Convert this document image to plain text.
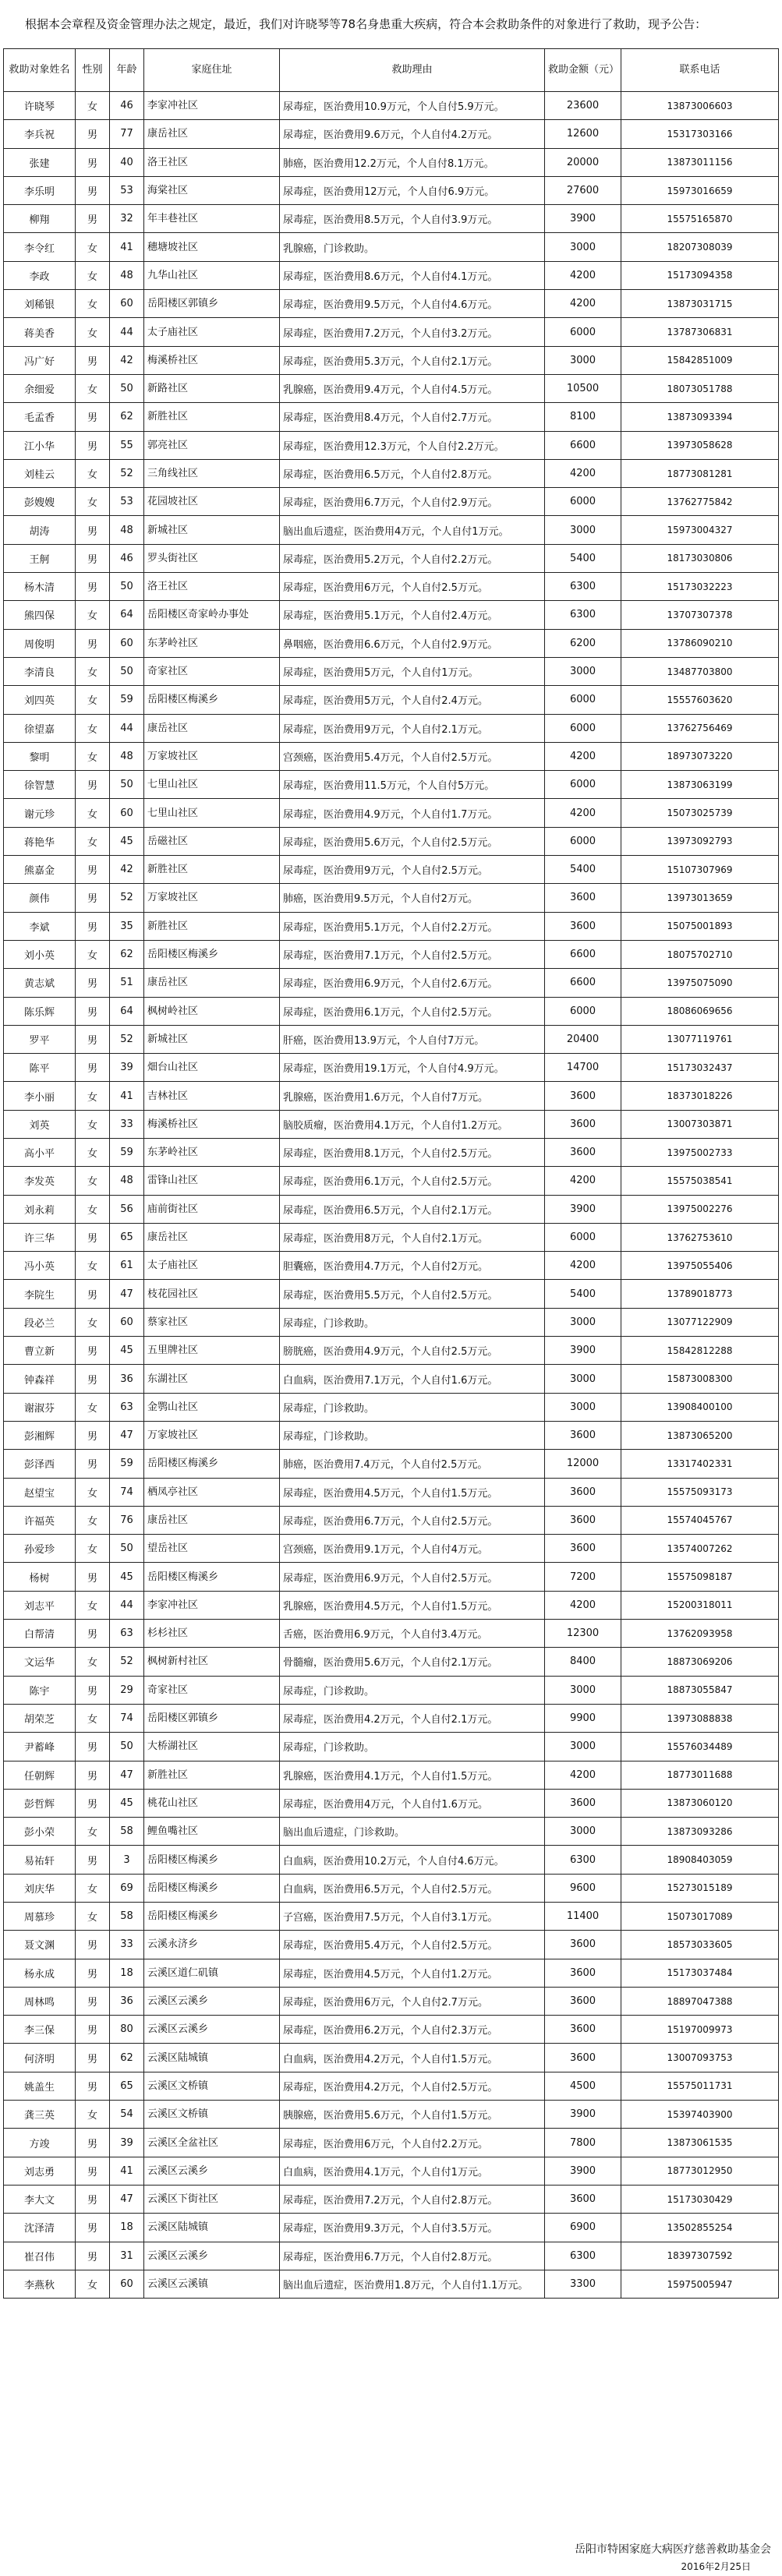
根据本会章程及资金管理办法之规定，最近，我们对许晓琴等78名身患重大疾病，符合本会救助条件的对象进行了救助，现予公告：

救助对象姓名	性别	年龄	家庭住址	救助理由	救助金额（元）	联系电话
许晓琴	女	46	李家冲社区	尿毒症，医治费用10.9万元，个人自付5.9万元。	23600	13873006603
李兵祝	男	77	康岳社区	尿毒症，医治费用9.6万元，个人自付4.2万元。	12600	15317303166
张建	男	40	洛王社区	肺癌，医治费用12.2万元，个人自付8.1万元。	20000	13873011156
李乐明	男	53	海棠社区	尿毒症，医治费用12万元，个人自付6.9万元。	27600	15973016659
柳翔	男	32	年丰巷社区	尿毒症，医治费用8.5万元，个人自付3.9万元。	3900	15575165870
李令红	女	41	穗塘坡社区	乳腺癌，门诊救助。	3000	18207308039
李政	女	48	九华山社区	尿毒症，医治费用8.6万元，个人自付4.1万元。	4200	15173094358
刘稀银	女	60	岳阳楼区郭镇乡	尿毒症，医治费用9.5万元，个人自付4.6万元。	4200	13873031715
蒋美香	女	44	太子庙社区	尿毒症，医治费用7.2万元，个人自付3.2万元。	6000	13787306831
冯广好	男	42	梅溪桥社区	尿毒症，医治费用5.3万元，个人自付2.1万元。	3000	15842851009
余细爱	女	50	新路社区	乳腺癌，医治费用9.4万元，个人自付4.5万元。	10500	18073051788
毛孟香	男	62	新胜社区	尿毒症，医治费用8.4万元，个人自付2.7万元。	8100	13873093394
江小华	男	55	郭亮社区	尿毒症，医治费用12.3万元，个人自付2.2万元。	6600	13973058628
刘桂云	女	52	三角线社区	尿毒症，医治费用6.5万元，个人自付2.8万元。	4200	18773081281
彭嫂嫂	女	53	花园坡社区	尿毒症，医治费用6.7万元，个人自付2.9万元。	6000	13762775842
胡涛	男	48	新城社区	脑出血后遗症，医治费用4万元，个人自付1万元。	3000	15973004327
王舸	男	46	罗头街社区	尿毒症，医治费用5.2万元，个人自付2.2万元。	5400	18173030806
杨木清	男	50	洛王社区	尿毒症，医治费用6万元，个人自付2.5万元。	6300	15173032223
熊四保	女	64	岳阳楼区奇家岭办事处	尿毒症，医治费用5.1万元，个人自付2.4万元。	6300	13707307378
周俊明	男	60	东茅岭社区	鼻咽癌，医治费用6.6万元，个人自付2.9万元。	6200	13786090210
李清良	女	50	奇家社区	尿毒症，医治费用5万元，个人自付1万元。	3000	13487703800
刘四英	女	59	岳阳楼区梅溪乡	尿毒症，医治费用5万元，个人自付2.4万元。	6000	15557603620
徐望嘉	女	44	康岳社区	尿毒症，医治费用9万元，个人自付2.1万元。	6000	13762756469
黎明	女	48	万家坡社区	宫颈癌，医治费用5.4万元，个人自付2.5万元。	4200	18973073220
徐智慧	男	50	七里山社区	尿毒症，医治费用11.5万元，个人自付5万元。	6000	13873063199
谢元珍	女	60	七里山社区	尿毒症，医治费用4.9万元，个人自付1.7万元。	4200	15073025739
蒋艳华	女	45	岳磁社区	尿毒症，医治费用5.6万元，个人自付2.5万元。	6000	13973092793
熊嘉金	男	42	新胜社区	尿毒症，医治费用9万元，个人自付2.5万元。	5400	15107307969
颜伟	男	52	万家坡社区	肺癌，医治费用9.5万元，个人自付2万元。	3600	13973013659
李斌	男	35	新胜社区	尿毒症，医治费用5.1万元，个人自付2.2万元。	3600	15075001893
刘小英	女	62	岳阳楼区梅溪乡	尿毒症，医治费用7.1万元，个人自付2.5万元。	6600	18075702710
黄志斌	男	51	康岳社区	尿毒症，医治费用6.9万元，个人自付2.6万元。	6600	13975075090
陈乐辉	男	64	枫树岭社区	尿毒症，医治费用6.1万元，个人自付2.5万元。	6000	18086069656
罗平	男	52	新城社区	肝癌，医治费用13.9万元，个人自付7万元。	20400	13077119761
陈平	男	39	畑台山社区	尿毒症，医治费用19.1万元，个人自付4.9万元。	14700	15173032437
李小丽	女	41	吉林社区	乳腺癌，医治费用1.6万元，个人自付7万元。	3600	18373018226
刘英	女	33	梅溪桥社区	脑胶质瘤，医治费用4.1万元，个人自付1.2万元。	3600	13007303871
高小平	女	59	东茅岭社区	尿毒症，医治费用8.1万元，个人自付2.5万元。	3600	13975002733
李发英	女	48	雷锋山社区	尿毒症，医治费用6.1万元，个人自付2.5万元。	4200	15575038541
刘永莉	女	56	庙前街社区	尿毒症，医治费用6.5万元，个人自付2.1万元。	3900	13975002276
许三华	男	65	康岳社区	尿毒症，医治费用8万元，个人自付2.1万元。	6000	13762753610
冯小英	女	61	太子庙社区	胆囊癌，医治费用4.7万元，个人自付2万元。	4200	13975055406
李院生	男	47	枝花园社区	尿毒症，医治费用5.5万元，个人自付2.5万元。	5400	13789018773
段必兰	女	60	蔡家社区	尿毒症，门诊救助。	3000	13077122909
曹立新	男	45	五里牌社区	膀胱癌，医治费用4.9万元，个人自付2.5万元。	3900	15842812288
钟森祥	男	36	东湖社区	白血病，医治费用7.1万元，个人自付1.6万元。	3000	15873008300
谢淑芬	女	63	金鹗山社区	尿毒症，门诊救助。	3000	13908400100
彭湘辉	男	47	万家坡社区	尿毒症，门诊救助。	3600	13873065200
彭泽西	男	59	岳阳楼区梅溪乡	肺癌，医治费用7.4万元，个人自付2.5万元。	12000	13317402331
赵望宝	女	74	栖凤亭社区	尿毒症，医治费用4.5万元，个人自付1.5万元。	3600	15575093173
许福英	女	76	康岳社区	尿毒症，医治费用6.7万元，个人自付2.5万元。	3600	15574045767
孙爱珍	女	50	望岳社区	宫颈癌，医治费用9.1万元，个人自付4万元。	3600	13574007262
杨树	男	45	岳阳楼区梅溪乡	尿毒症，医治费用6.9万元，个人自付2.5万元。	7200	15575098187
刘志平	女	44	李家冲社区	乳腺癌，医治费用4.5万元，个人自付1.5万元。	4200	15200318011
白帮清	男	63	杉杉社区	舌癌，医治费用6.9万元，个人自付3.4万元。	12300	13762093958
文运华	女	52	枫树新村社区	骨髓瘤，医治费用5.6万元，个人自付2.1万元。	8400	18873069206
陈宇	男	29	奇家社区	尿毒症，门诊救助。	3000	18873055847
胡荣芝	女	74	岳阳楼区郭镇乡	尿毒症，医治费用4.2万元，个人自付2.1万元。	9900	13973088838
尹蓄峰	男	50	大桥湖社区	尿毒症，门诊救助。	3000	15576034489
任朝辉	男	47	新胜社区	乳腺癌，医治费用4.1万元，个人自付1.5万元。	4200	18773011688
彭哲辉	男	45	桃花山社区	尿毒症，医治费用4万元，个人自付1.6万元。	3600	13873060120
彭小荣	女	58	鲤鱼嘴社区	脑出血后遗症，门诊救助。	3000	13873093286
易祐轩	男	3	岳阳楼区梅溪乡	白血病，医治费用10.2万元，个人自付4.6万元。	6300	18908403059
刘庆华	女	69	岳阳楼区梅溪乡	白血病，医治费用6.5万元，个人自付2.5万元。	9600	15273015189
周慕珍	女	58	岳阳楼区梅溪乡	子宫癌，医治费用7.5万元，个人自付3.1万元。	11400	15073017089
聂文渊	男	33	云溪永济乡	尿毒症，医治费用5.4万元，个人自付2.5万元。	3600	18573033605
杨永成	男	18	云溪区道仁矶镇	尿毒症，医治费用4.5万元，个人自付1.2万元。	3600	15173037484
周林鸣	男	36	云溪区云溪乡	尿毒症，医治费用6万元，个人自付2.7万元。	3600	18897047388
李三保	男	80	云溪区云溪乡	尿毒症，医治费用6.2万元，个人自付2.3万元。	3600	15197009973
何济明	男	62	云溪区陆城镇	白血病，医治费用4.2万元，个人自付1.5万元。	3600	13007093753
姚盖生	男	65	云溪区文桥镇	尿毒症，医治费用4.2万元，个人自付2.5万元。	4500	15575011731
龚三英	女	54	云溪区文桥镇	胰腺癌，医治费用5.6万元，个人自付1.5万元。	3900	15397403900
方竣	男	39	云溪区全盆社区	尿毒症，医治费用6万元，个人自付2.2万元。	7800	13873061535
刘志勇	男	41	云溪区云溪乡	白血病，医治费用4.1万元，个人自付1万元。	3900	18773012950
李大文	男	47	云溪区下街社区	尿毒症，医治费用7.2万元，个人自付2.8万元。	3600	15173030429
沈泽清	男	18	云溪区陆城镇	尿毒症，医治费用9.3万元，个人自付3.5万元。	6900	13502855254
崔召伟	男	31	云溪区云溪乡	尿毒症，医治费用6.7万元，个人自付2.8万元。	6300	18397307592
李燕秋	女	60	云溪区云溪镇	脑出血后遗症，医治费用1.8万元，个人自付1.1万元。	3300	15975005947
岳阳市特困家庭大病医疗慈善救助基金会
2016年2月25日
